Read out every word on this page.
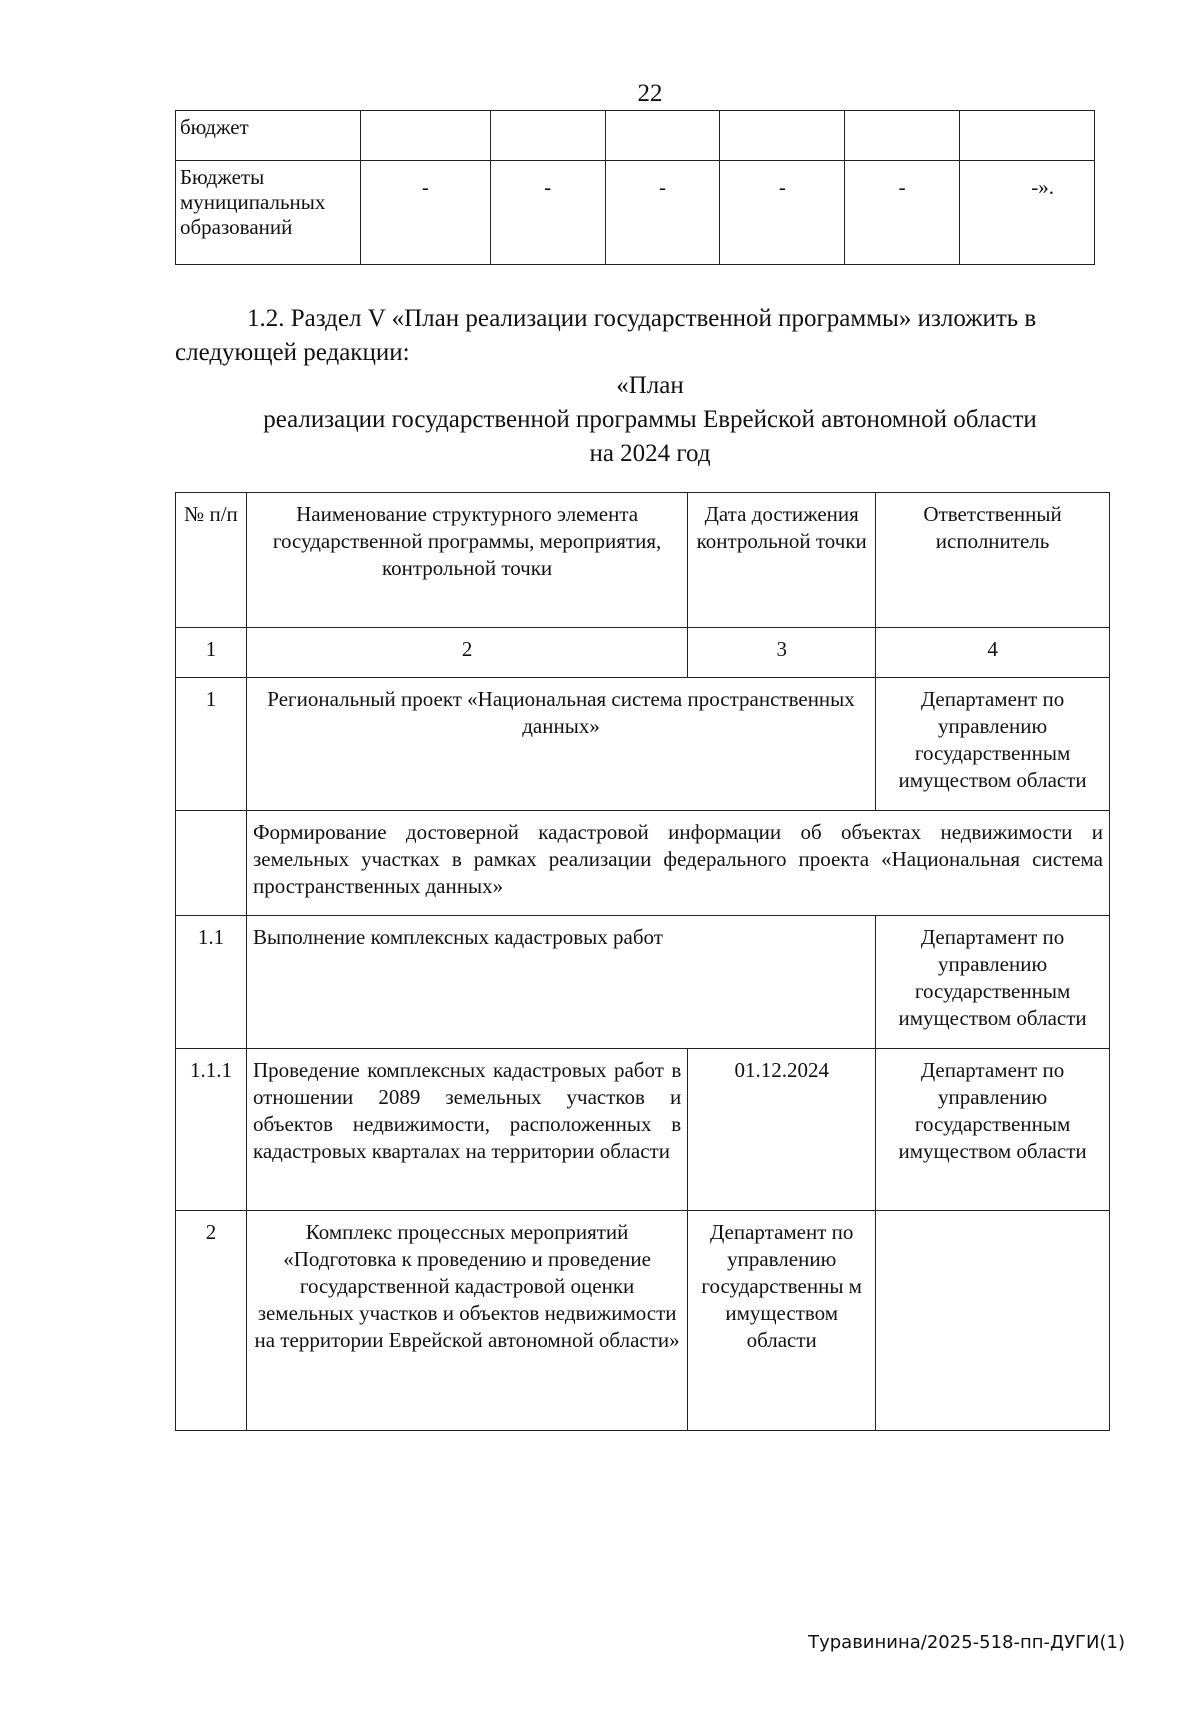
22
бюджет						
Бюджеты муниципальных образований	-	-	-	-	-	-».
1.2. Раздел V «План реализации государственной программы» изложить в следующей редакции:
«План
реализации государственной программы Еврейской автономной области
на 2024 год
№ п/п	Наименование структурного элемента государственной программы, мероприятия, контрольной точки	Дата достижения контрольной точки	Ответственный исполнитель
1	2	3	4
1	Региональный проект «Национальная система пространственных данных»		Департамент по управлению государственным имуществом области
	Формирование достоверной кадастровой информации об объектах недвижимости и земельных участках в рамках реализации федерального проекта «Национальная система пространственных данных»		
1.1	Выполнение комплексных кадастровых работ		Департамент по управлению государственным имуществом области
1.1.1	Проведение комплексных кадастровых работ в отношении 2089 земельных участков и объектов недвижимости, расположенных в кадастровых кварталах на территории области	01.12.2024	Департамент по управлению государственным имуществом области
2	Комплекс процессных мероприятий «Подготовка к проведению и проведение государственной кадастровой оценки земельных участков и объектов недвижимости на территории Еврейской автономной области»	Департамент по управлению государственны м имуществом области	
Туравинина/2025-518-пп-ДУГИ(1)
